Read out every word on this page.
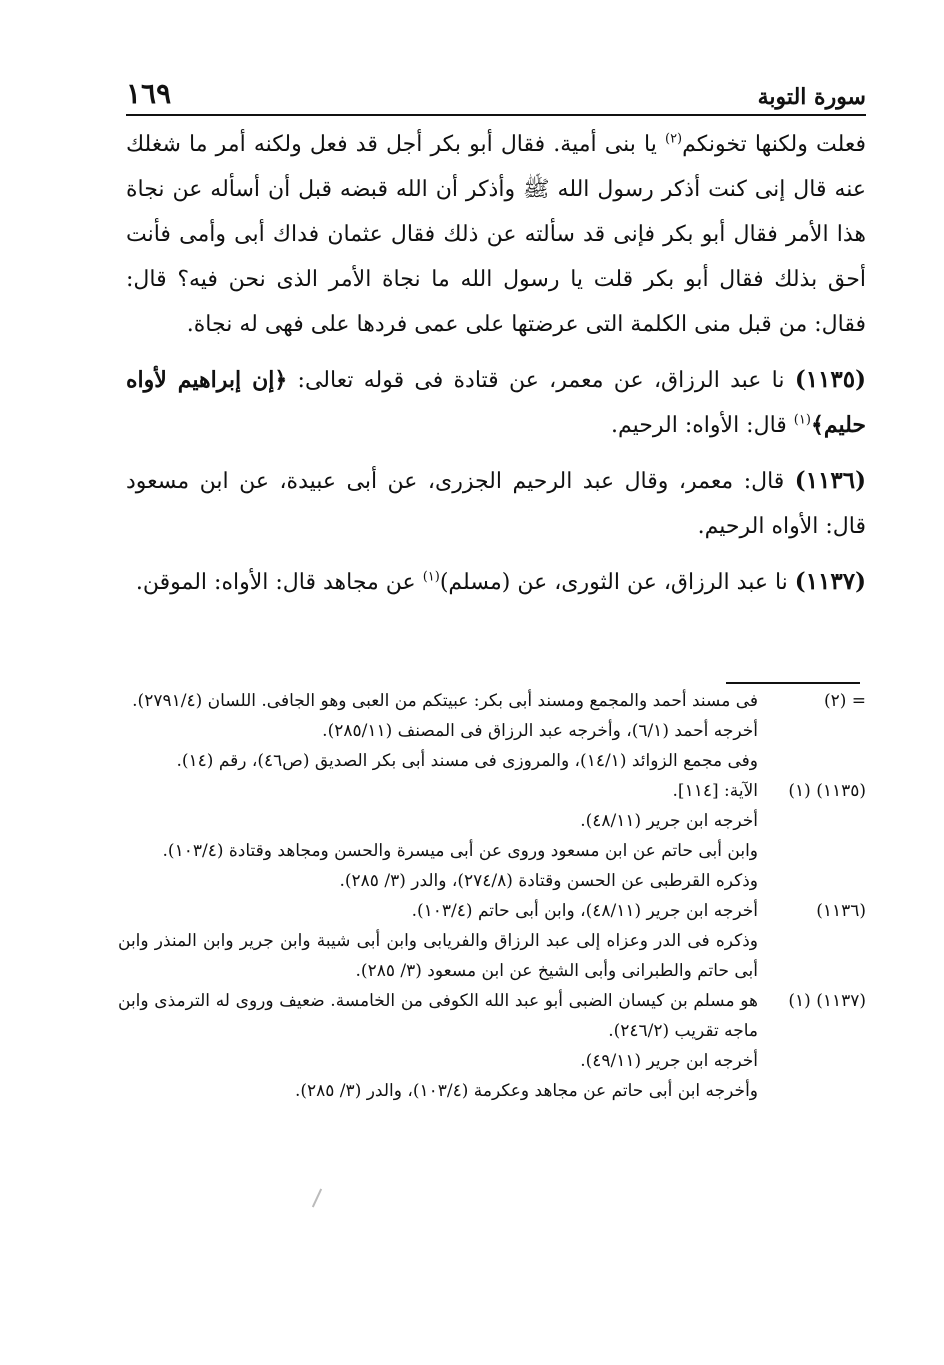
١٦٩	سورة التوبة

فعلت ولكنها تخونكم$^{(٢)}$ يا بنى أمية. فقال أبو بكر أجل قد فعل ولكنه أمر ما شغلك عنه قال إنى كنت أذكر رسول الله ﷺ وأذكر أن الله قبضه قبل أن أسأله عن نجاة هذا الأمر فقال أبو بكر فإنى قد سألته عن ذلك فقال عثمان فداك أبى وأمى فأنت أحق بذلك فقال أبو بكر قلت يا رسول الله ما نجاة الأمر الذى نحن فيه؟ قال: فقال: من قبل منى الكلمة التى عرضتها على عمى فردها على فهى له نجاة.

(١١٣٥) نا عبد الرزاق، عن معمر، عن قتادة فى قوله تعالى: ﴿إن إبراهيم لأواه حليم﴾$^{(١)}$ قال: الأواه: الرحيم.

(١١٣٦) قال: معمر، وقال عبد الرحيم الجزرى، عن أبى عبيدة، عن ابن مسعود قال: الأواه الرحيم.

(١١٣٧) نا عبد الرزاق، عن الثورى، عن (مسلم)$^{(١)}$ عن مجاهد قال: الأواه: الموقن.

= (٢)
فى مسند أحمد والمجمع ومسند أبى بكر: عبيتكم من العبى وهو الجافى. اللسان (٢٧٩١/٤).
أخرجه أحمد (٦/١)، وأخرجه عبد الرزاق فى المصنف (٢٨٥/١١).
وفى مجمع الزوائد (١٤/١)، والمروزى فى مسند أبى بكر الصديق (ص٤٦)، رقم (١٤).
(١١٣٥) (١)
الآية: [١١٤].
أخرجه ابن جرير (٤٨/١١).
وابن أبى حاتم عن ابن مسعود وروى عن أبى ميسرة والحسن ومجاهد وقتادة (١٠٣/٤).
وذكره القرطبى عن الحسن وقتادة (٢٧٤/٨)، والدر (٣/ ٢٨٥).
(١١٣٦)
أخرجه ابن جرير (٤٨/١١)، وابن أبى حاتم (١٠٣/٤).
وذكره فى الدر وعزاه إلى عبد الرزاق والفريابى وابن أبى شيبة وابن جرير وابن المنذر وابن أبى حاتم والطبرانى وأبى الشيخ عن ابن مسعود (٣/ ٢٨٥).
(١١٣٧) (١)
هو مسلم بن كيسان الضبى أبو عبد الله الكوفى من الخامسة. ضعيف وروى له الترمذى وابن ماجه تقريب (٢٤٦/٢).
أخرجه ابن جرير (٤٩/١١).
وأخرجه ابن أبى حاتم عن مجاهد وعكرمة (١٠٣/٤)، والدر (٣/ ٢٨٥).
